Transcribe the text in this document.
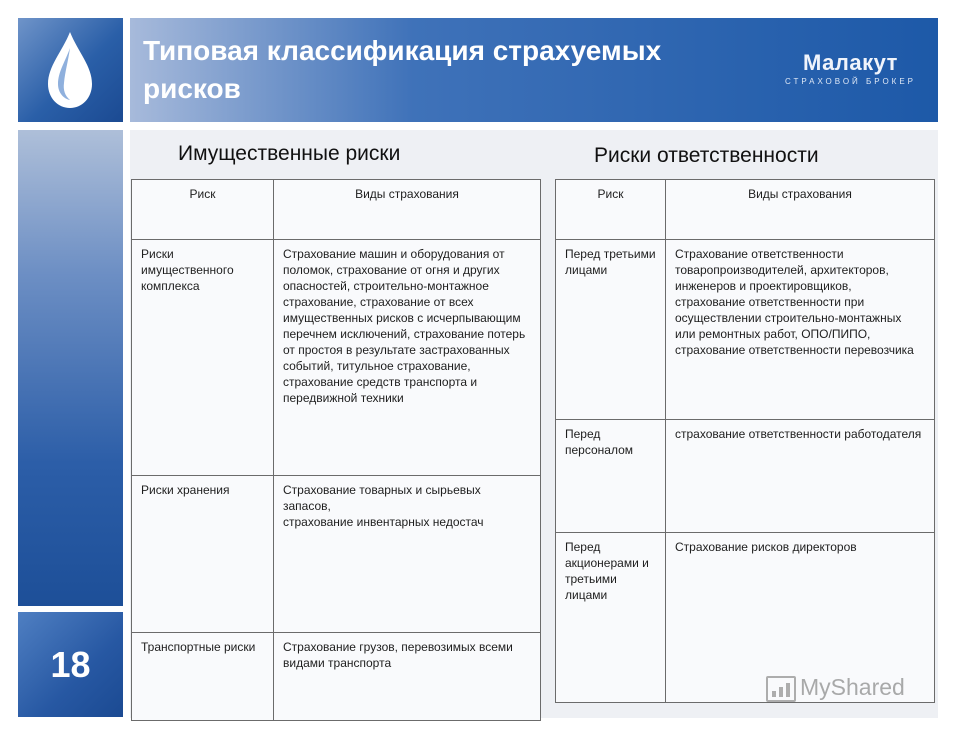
Типовая классификация страхуемых рисков
Малакут
СТРАХОВОЙ БРОКЕР
18
Имущественные риски	Риски ответственности
Риск	Виды страхования
Риски имущественного комплекса	Страхование машин и оборудования от поломок, страхование от огня и других опасностей, строительно-монтажное страхование, страхование от всех имущественных рисков с исчерпывающим перечнем исключений, страхование потерь от простоя в результате застрахованных событий, титульное страхование, страхование средств транспорта и передвижной техники
Риски хранения	Страхование товарных и сырьевых запасов,
страхование инвентарных недостач

Транспортные риски	Страхование грузов, перевозимых всеми видами транспорта
Риск	Виды страхования
Перед третьими лицами	Страхование ответственности товаропроизводителей, архитекторов, инженеров и проектировщиков, страхование ответственности при осуществлении строительно-монтажных или ремонтных работ, ОПО/ПИПО, страхование ответственности перевозчика
Перед персоналом	страхование ответственности работодателя
Перед акционерами и третьими лицами	Страхование рисков директоров
MyShared
